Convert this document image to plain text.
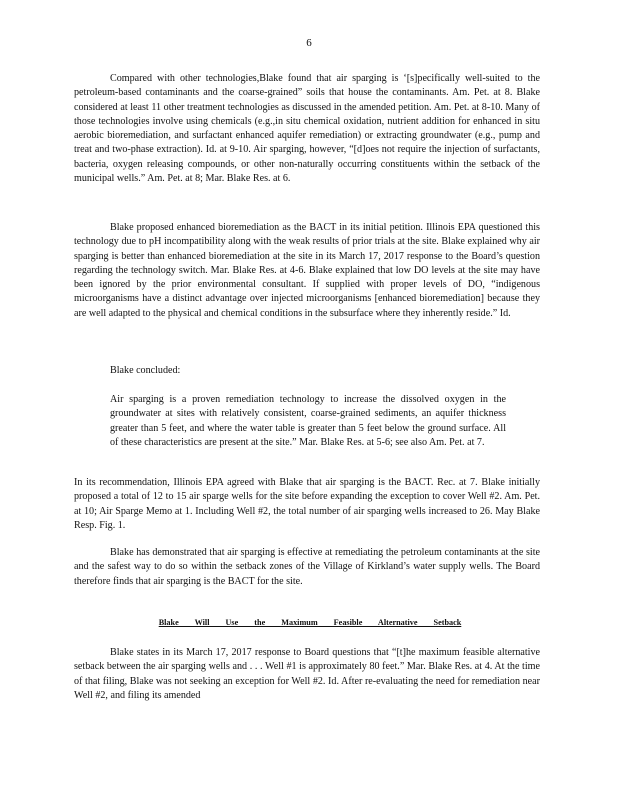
6

Compared with other technologies,Blake found that air sparging is ‘[s]pecifically well-suited to the petroleum-based contaminants and the coarse-grained” soils that house the contaminants. Am. Pet. at 8. Blake considered at least 11 other treatment technologies as discussed in the amended petition. Am. Pet. at 8-10. Many of those technologies involve using chemicals (e.g.,in situ chemical oxidation, nutrient addition for enhanced in situ aerobic bioremediation, and surfactant enhanced aquifer remediation) or extracting groundwater (e.g., pump and treat and two-phase extraction). Id. at 9-10. Air sparging, however, “[d]oes not require the injection of surfactants, bacteria, oxygen releasing compounds, or other non-naturally occurring constituents within the setback of the municipal wells.” Am. Pet. at 8; Mar. Blake Res. at 6.

Blake proposed enhanced bioremediation as the BACT in its initial petition. Illinois EPA questioned this technology due to pH incompatibility along with the weak results of prior trials at the site. Blake explained why air sparging is better than enhanced bioremediation at the site in its March 17, 2017 response to the Board’s question regarding the technology switch. Mar. Blake Res. at 4-6. Blake explained that low DO levels at the site may have been ignored by the prior environmental consultant. If supplied with proper levels of DO, “indigenous microorganisms have a distinct advantage over injected microorganisms [enhanced bioremediation] because they are well adapted to the physical and chemical conditions in the subsurface where they inherently reside.” Id.

Blake concluded:

Air sparging is a proven remediation technology to increase the dissolved oxygen in the groundwater at sites with relatively consistent, coarse-grained sediments, an aquifer thickness greater than 5 feet, and where the water table is greater than 5 feet below the ground surface. All of these characteristics are present at the site.” Mar. Blake Res. at 5-6; see also Am. Pet. at 7.

In its recommendation, Illinois EPA agreed with Blake that air sparging is the BACT. Rec. at 7. Blake initially proposed a total of 12 to 15 air sparge wells for the site before expanding the exception to cover Well #2. Am. Pet. at 10; Air Sparge Memo at 1. Including Well #2, the total number of air sparging wells increased to 26. May Blake Resp. Fig. 1.

Blake has demonstrated that air sparging is effective at remediating the petroleum contaminants at the site and the safest way to do so within the setback zones of the Village of Kirkland’s water supply wells. The Board therefore finds that air sparging is the BACT for the site.

Blake Will Use the Maximum Feasible Alternative Setback

Blake states in its March 17, 2017 response to Board questions that “[t]he maximum feasible alternative setback between the air sparging wells and . . . Well #1 is approximately 80 feet.” Mar. Blake Res. at 4. At the time of that filing, Blake was not seeking an exception for Well #2. Id. After re-evaluating the need for remediation near Well #2, and filing its amended
